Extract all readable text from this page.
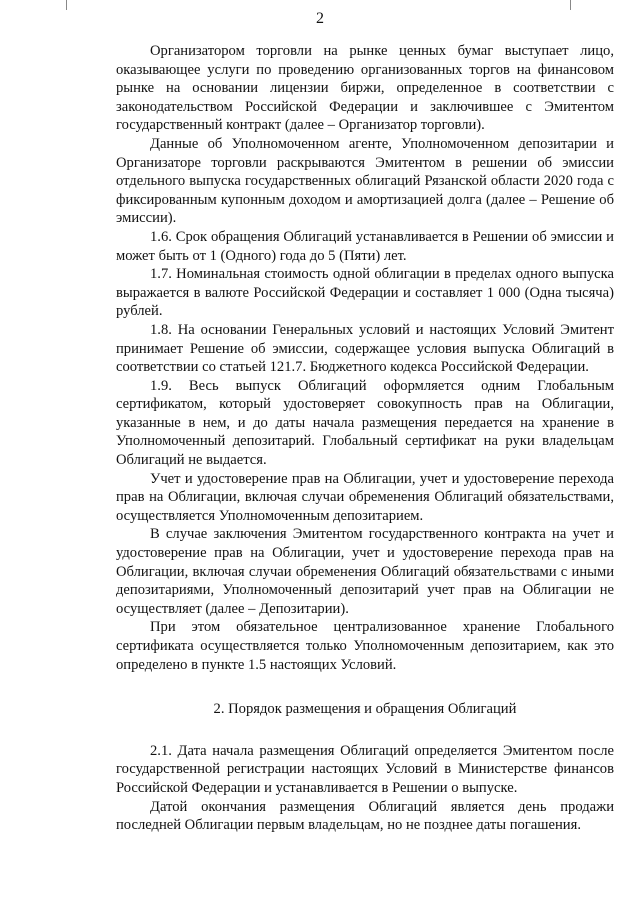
2

Организатором торговли на рынке ценных бумаг выступает лицо, оказывающее услуги по проведению организованных торгов на финансовом рынке на основании лицензии биржи, определенное в соответствии с законодательством Российской Федерации и заключившее с Эмитентом государственный контракт (далее – Организатор торговли).

Данные об Уполномоченном агенте, Уполномоченном депозитарии и Организаторе торговли раскрываются Эмитентом в решении об эмиссии отдельного выпуска государственных облигаций Рязанской области 2020 года с фиксированным купонным доходом и амортизацией долга (далее – Решение об эмиссии).

1.6. Срок обращения Облигаций устанавливается в Решении об эмиссии и может быть от 1 (Одного) года до 5 (Пяти) лет.

1.7. Номинальная стоимость одной облигации в пределах одного выпуска выражается в валюте Российской Федерации и составляет 1 000 (Одна тысяча) рублей.

1.8. На основании Генеральных условий и настоящих Условий Эмитент принимает Решение об эмиссии, содержащее условия выпуска Облигаций в соответствии со статьей 121.7. Бюджетного кодекса Российской Федерации.

1.9. Весь выпуск Облигаций оформляется одним Глобальным сертификатом, который удостоверяет совокупность прав на Облигации, указанные в нем, и до даты начала размещения передается на хранение в Уполномоченный депозитарий. Глобальный сертификат на руки владельцам Облигаций не выдается.

Учет и удостоверение прав на Облигации, учет и удостоверение перехода прав на Облигации, включая случаи обременения Облигаций обязательствами, осуществляется Уполномоченным депозитарием.

В случае заключения Эмитентом государственного контракта на учет и удостоверение прав на Облигации, учет и удостоверение перехода прав на Облигации, включая случаи обременения Облигаций обязательствами с иными депозитариями, Уполномоченный депозитарий учет прав на Облигации не осуществляет (далее – Депозитарии).

При этом обязательное централизованное хранение Глобального сертификата осуществляется только Уполномоченным депозитарием, как это определено в пункте 1.5 настоящих Условий.

2. Порядок размещения и обращения Облигаций

2.1. Дата начала размещения Облигаций определяется Эмитентом после государственной регистрации настоящих Условий в Министерстве финансов Российской Федерации и устанавливается в Решении о выпуске.

Датой окончания размещения Облигаций является день продажи последней Облигации первым владельцам, но не позднее даты погашения.
